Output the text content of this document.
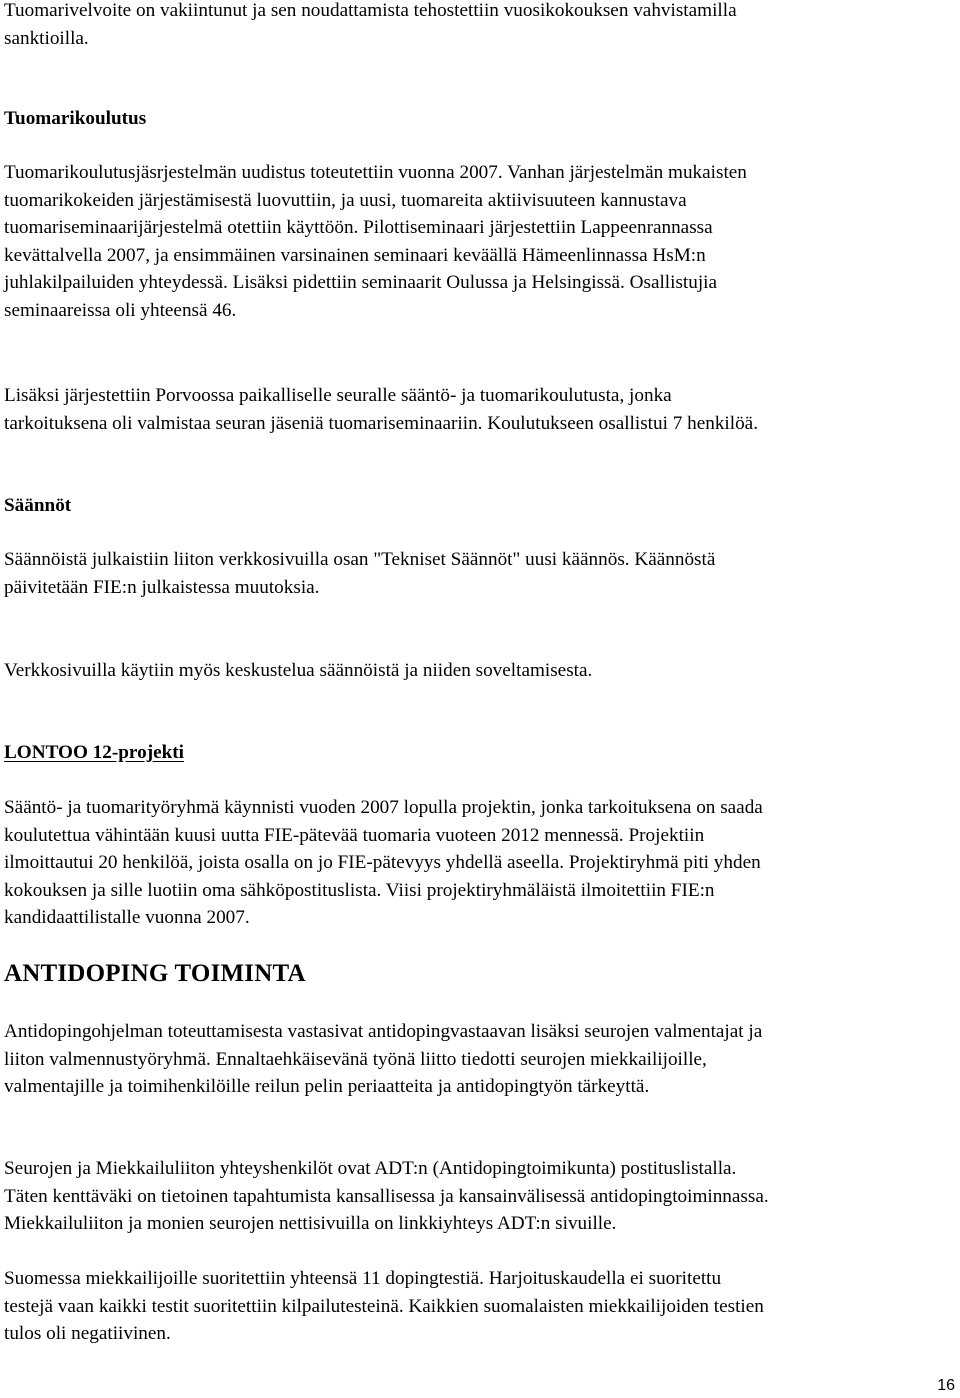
Tuomarivelvoite on vakiintunut ja sen noudattamista tehostettiin vuosikokouksen vahvistamilla
sanktioilla.

Tuomarikoulutus

Tuomarikoulutusjäsrjestelmän uudistus toteutettiin vuonna 2007. Vanhan järjestelmän mukaisten
tuomarikokeiden järjestämisestä luovuttiin, ja uusi, tuomareita aktiivisuuteen kannustava
tuomariseminaarijärjestelmä otettiin käyttöön. Pilottiseminaari järjestettiin Lappeenrannassa
kevättalvella 2007, ja ensimmäinen varsinainen seminaari keväällä Hämeenlinnassa HsM:n
juhlakilpailuiden yhteydessä. Lisäksi pidettiin seminaarit Oulussa ja Helsingissä. Osallistujia
seminaareissa oli yhteensä 46.

Lisäksi järjestettiin Porvoossa paikalliselle seuralle sääntö- ja tuomarikoulutusta, jonka
tarkoituksena oli valmistaa seuran jäseniä tuomariseminaariin. Koulutukseen osallistui 7 henkilöä.

Säännöt

Säännöistä julkaistiin liiton verkkosivuilla osan "Tekniset Säännöt" uusi käännös. Käännöstä
päivitetään FIE:n julkaistessa muutoksia.

Verkkosivuilla käytiin myös keskustelua säännöistä ja niiden soveltamisesta.

LONTOO 12-projekti

Sääntö- ja tuomarityöryhmä käynnisti vuoden 2007 lopulla projektin, jonka tarkoituksena on saada
koulutettua vähintään kuusi uutta FIE-pätevää tuomaria vuoteen 2012 mennessä. Projektiin
ilmoittautui 20 henkilöä, joista osalla on jo FIE-pätevyys yhdellä aseella. Projektiryhmä piti yhden
kokouksen ja sille luotiin oma sähköpostituslista. Viisi projektiryhmäläistä ilmoitettiin FIE:n
kandidaattilistalle vuonna 2007.

ANTIDOPING TOIMINTA

Antidopingohjelman toteuttamisesta vastasivat antidopingvastaavan lisäksi seurojen valmentajat ja
liiton valmennustyöryhmä. Ennaltaehkäisevänä työnä liitto tiedotti seurojen miekkailijoille,
valmentajille ja toimihenkilöille reilun pelin periaatteita ja antidopingtyön tärkeyttä.

Seurojen ja Miekkailuliiton yhteyshenkilöt ovat ADT:n (Antidopingtoimikunta) postituslistalla.
Täten kenttäväki on tietoinen tapahtumista kansallisessa ja kansainvälisessä antidopingtoiminnassa.
Miekkailuliiton ja monien seurojen nettisivuilla on linkkiyhteys ADT:n sivuille.

Suomessa miekkailijoille suoritettiin yhteensä 11 dopingtestiä. Harjoituskaudella ei suoritettu
testejä vaan kaikki testit suoritettiin kilpailutesteinä. Kaikkien suomalaisten miekkailijoiden testien
tulos oli negatiivinen.

16
